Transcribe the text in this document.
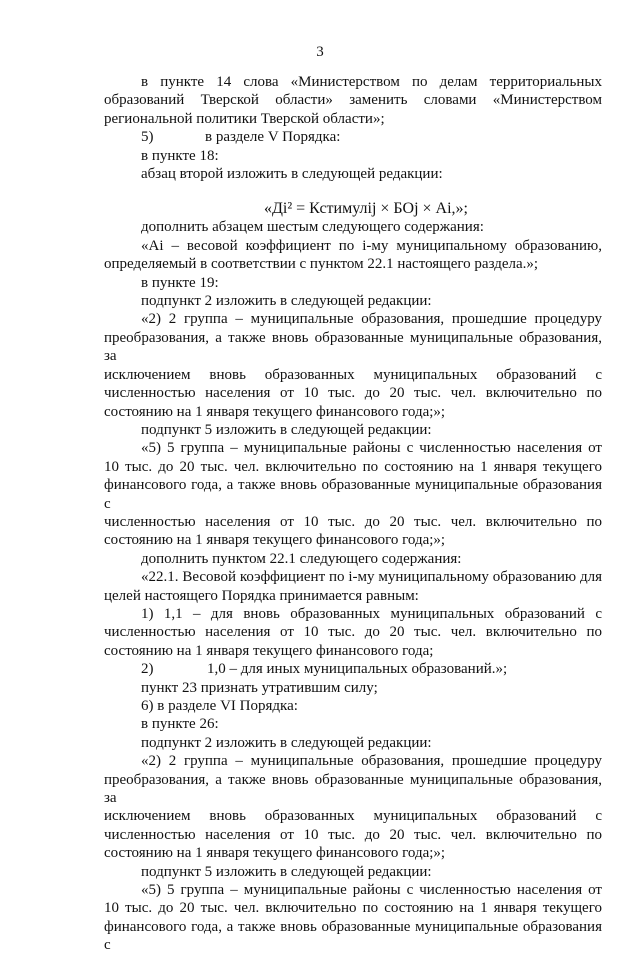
3

в пункте 14 слова «Министерством по делам территориальных

образований Тверской области» заменить словами «Министерством

региональной политики Тверской области»;

5)	в разделе V Порядка:

в пункте 18:

абзац второй изложить в следующей редакции:

«Дi² = Кстимулij × БОj × Аi,»;

дополнить абзацем шестым следующего содержания:

«Аi – весовой коэффициент по i-му муниципальному образованию,

определяемый в соответствии с пунктом 22.1 настоящего раздела.»;

в пункте 19:

подпункт 2 изложить в следующей редакции:

«2) 2 группа – муниципальные образования, прошедшие процедуру

преобразования, а также вновь образованные муниципальные образования, за

исключением вновь образованных муниципальных образований с

численностью населения от 10 тыс. до 20 тыс. чел. включительно по

состоянию на 1 января текущего финансового года;»;

подпункт 5 изложить в следующей редакции:

«5) 5 группа – муниципальные районы с численностью населения от

10 тыс. до 20 тыс. чел. включительно по состоянию на 1 января текущего

финансового года, а также вновь образованные муниципальные образования с

численностью населения от 10 тыс. до 20 тыс. чел. включительно по

состоянию на 1 января текущего финансового года;»;

дополнить пунктом 22.1 следующего содержания:

«22.1. Весовой коэффициент по i-му муниципальному образованию для

целей настоящего Порядка принимается равным:

1) 1,1 – для вновь образованных муниципальных образований с

численностью населения от 10 тыс. до 20 тыс. чел. включительно по

состоянию на 1 января текущего финансового года;

2)	1,0 – для иных муниципальных образований.»;

пункт 23 признать утратившим силу;

6) в разделе VI Порядка:

в пункте 26:

подпункт 2 изложить в следующей редакции:

«2) 2 группа – муниципальные образования, прошедшие процедуру

преобразования, а также вновь образованные муниципальные образования, за

исключением вновь образованных муниципальных образований с

численностью населения от 10 тыс. до 20 тыс. чел. включительно по

состоянию на 1 января текущего финансового года;»;

подпункт 5 изложить в следующей редакции:

«5) 5 группа – муниципальные районы с численностью населения от

10 тыс. до 20 тыс. чел. включительно по состоянию на 1 января текущего

финансового года, а также вновь образованные муниципальные образования с
